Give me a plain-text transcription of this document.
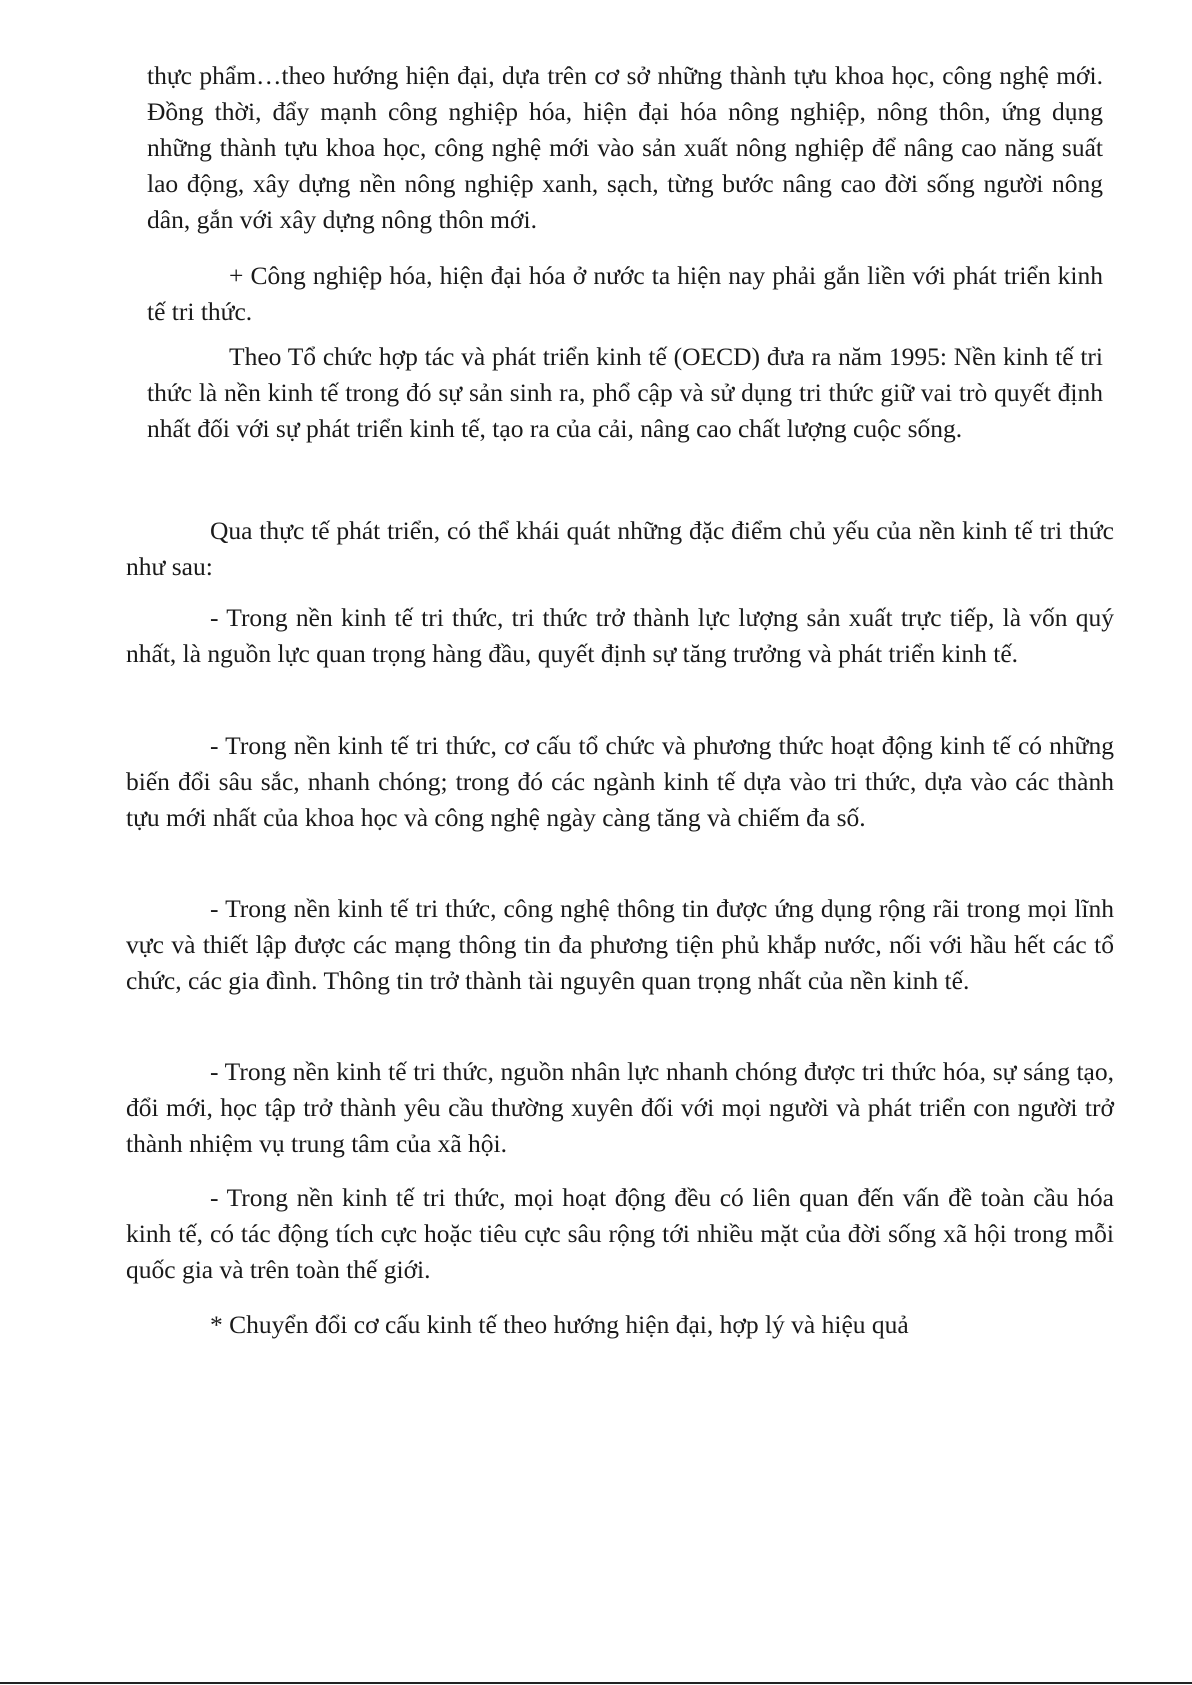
thực phẩm…theo hướng hiện đại, dựa trên cơ sở những thành tựu khoa học, công nghệ mới. Đồng thời, đẩy mạnh công nghiệp hóa, hiện đại hóa nông nghiệp, nông thôn, ứng dụng những thành tựu khoa học, công nghệ mới vào sản xuất nông nghiệp để nâng cao năng suất lao động, xây dựng nền nông nghiệp xanh, sạch, từng bước nâng cao đời sống người nông dân, gắn với xây dựng nông thôn mới.

+ Công nghiệp hóa, hiện đại hóa ở nước ta hiện nay phải gắn liền với phát triển kinh tế tri thức.

Theo Tổ chức hợp tác và phát triển kinh tế (OECD) đưa ra năm 1995: Nền kinh tế tri thức là nền kinh tế trong đó sự sản sinh ra, phổ cập và sử dụng tri thức giữ vai trò quyết định nhất đối với sự phát triển kinh tế, tạo ra của cải, nâng cao chất lượng cuộc sống.

Qua thực tế phát triển, có thể khái quát những đặc điểm chủ yếu của nền kinh tế tri thức như sau:

- Trong nền kinh tế tri thức, tri thức trở thành lực lượng sản xuất trực tiếp, là vốn quý nhất, là nguồn lực quan trọng hàng đầu, quyết định sự tăng trưởng và phát triển kinh tế.

- Trong nền kinh tế tri thức, cơ cấu tổ chức và phương thức hoạt động kinh tế có những biến đổi sâu sắc, nhanh chóng; trong đó các ngành kinh tế dựa vào tri thức, dựa vào các thành tựu mới nhất của khoa học và công nghệ ngày càng tăng và chiếm đa số.

- Trong nền kinh tế tri thức, công nghệ thông tin được ứng dụng rộng rãi trong mọi lĩnh vực và thiết lập được các mạng thông tin đa phương tiện phủ khắp nước, nối với hầu hết các tổ chức, các gia đình. Thông tin trở thành tài nguyên quan trọng nhất của nền kinh tế.

- Trong nền kinh tế tri thức, nguồn nhân lực nhanh chóng được tri thức hóa, sự sáng tạo, đổi mới, học tập trở thành yêu cầu thường xuyên đối với mọi người và phát triển con người trở thành nhiệm vụ trung tâm của xã hội.

- Trong nền kinh tế tri thức, mọi hoạt động đều có liên quan đến vấn đề toàn cầu hóa kinh tế, có tác động tích cực hoặc tiêu cực sâu rộng tới nhiều mặt của đời sống xã hội trong mỗi quốc gia và trên toàn thế giới.

* Chuyển đổi cơ cấu kinh tế theo hướng hiện đại, hợp lý và hiệu quả
